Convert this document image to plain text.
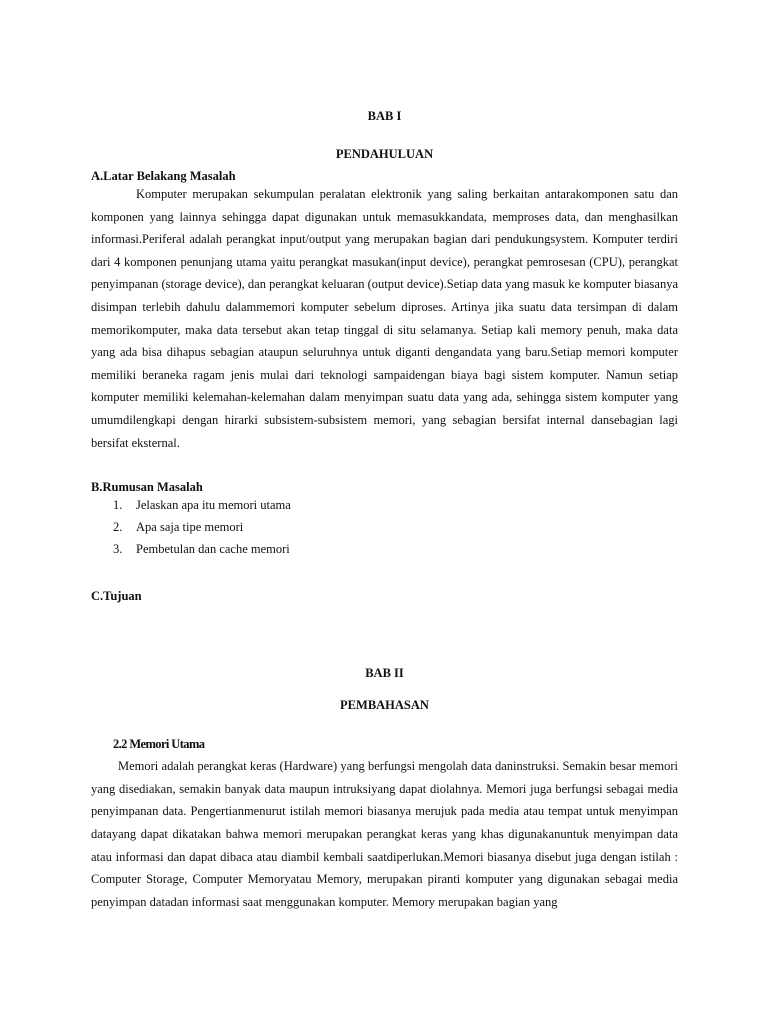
BAB I
PENDAHULUAN
A.Latar Belakang Masalah
Komputer merupakan sekumpulan peralatan elektronik yang saling berkaitan antarakomponen satu dan komponen yang lainnya sehingga dapat digunakan untuk memasukkandata, memproses data, dan menghasilkan informasi.Periferal adalah perangkat input/output yang merupakan bagian dari pendukungsystem. Komputer terdiri dari 4 komponen penunjang utama yaitu perangkat masukan(input device), perangkat pemrosesan (CPU), perangkat penyimpanan (storage device), dan perangkat keluaran (output device).Setiap data yang masuk ke komputer biasanya disimpan terlebih dahulu dalammemori komputer sebelum diproses. Artinya jika suatu data tersimpan di dalam memorikomputer, maka data tersebut akan tetap tinggal di situ selamanya. Setiap kali memory penuh, maka data yang ada bisa dihapus sebagian ataupun seluruhnya untuk diganti dengandata yang baru.Setiap memori komputer memiliki beraneka ragam jenis mulai dari teknologi sampaidengan biaya bagi sistem komputer. Namun setiap komputer memiliki kelemahan-kelemahan dalam menyimpan suatu data yang ada, sehingga sistem komputer yang umumdilengkapi dengan hirarki subsistem-subsistem memori, yang sebagian bersifat internal dansebagian lagi bersifat eksternal.
B.Rumusan Masalah
1. Jelaskan apa itu memori utama
2. Apa saja tipe memori
3. Pembetulan dan cache memori
C.Tujuan
BAB II
PEMBAHASAN
2.2 Memori Utama
Memori adalah perangkat keras (Hardware) yang berfungsi mengolah data daninstruksi. Semakin besar memori yang disediakan, semakin banyak data maupun intruksiyang dapat diolahnya. Memori juga berfungsi sebagai media penyimpanan data. Pengertianmenurut istilah memori biasanya merujuk pada media atau tempat untuk menyimpan datayang dapat dikatakan bahwa memori merupakan perangkat keras yang khas digunakanuntuk menyimpan data atau informasi dan dapat dibaca atau diambil kembali saatdiperlukan.Memori biasanya disebut juga dengan istilah : Computer Storage, Computer Memoryatau Memory, merupakan piranti komputer yang digunakan sebagai media penyimpan datadan informasi saat menggunakan komputer. Memory merupakan bagian yang
